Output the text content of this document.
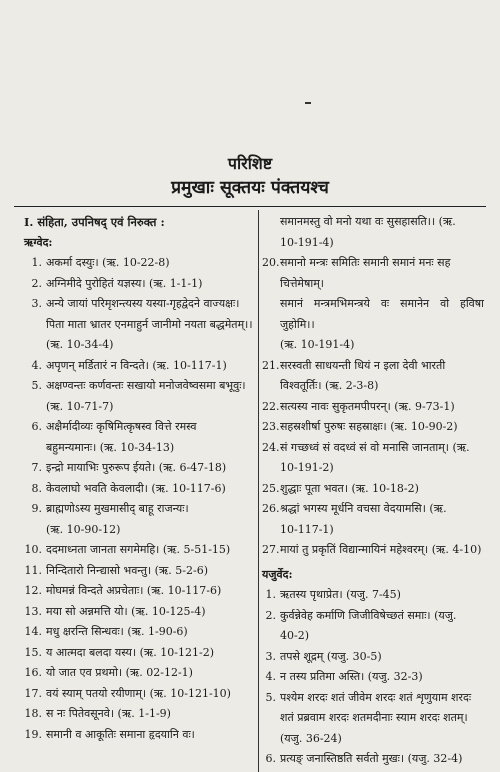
परिशिष्ट
प्रमुखाः सूक्तयः पंक्तयश्च
I. संहिता, उपनिषद् एवं निरुक्त :
ऋग्वेद:
1. अकर्मा दस्युः। (ऋ. 10-22-8)
2. अग्निमीदे पुरोहितं यज्ञस्य। (ऋ. 1-1-1)
3. अन्ये जायां परिमृशन्त्यस्य यस्या-गृहद्वेदने वाज्यक्षः।
पिता माता भ्रातर एनमाहुर्न जानीमो नयता बद्धमेतम्।।
(ऋ. 10-34-4)
4. अपृणन् मर्डितारं न विन्दते। (ऋ. 10-117-1)
5. अक्षण्वन्तः कर्णवन्तः सखायो मनोजवेष्वसमा बभूवुः।
(ऋ. 10-71-7)
6. अक्षैर्मादीव्यः कृषिमित्कृषस्व वित्ते रमस्व
बहुमन्यमानः। (ऋ. 10-34-13)
7. इन्द्रो मायाभिः पुरुरूप ईयते। (ऋ. 6-47-18)
8. केवलाघो भवति केवलादी। (ऋ. 10-117-6)
9. ब्राह्मणोऽस्य मुखमासीद् बाहू राजन्यः।
(ऋ. 10-90-12)
10. ददमाध्नता जानता सगमेमहि। (ऋ. 5-51-15)
11. निन्दितारो निन्द्यासो भवन्तु। (ऋ. 5-2-6)
12. मोघमन्नं विन्दते अप्रचेताः। (ऋ. 10-117-6)
13. मया सो अन्नमत्ति यो। (ऋ. 10-125-4)
14. मधु क्षरन्ति सिन्धवः। (ऋ. 1-90-6)
15. य आत्मदा बलदा यस्य। (ऋ. 10-121-2)
16. यो जात एव प्रथमो। (ऋ. 02-12-1)
17. वयं स्याम् पतयो रयीणाम्। (ऋ. 10-121-10)
18. स नः पितेवसूनवे। (ऋ. 1-1-9)
19. समानी व आकूतिः समाना हृदयानि वः।
समानमस्तु वो मनो यथा वः सुसहासति।। (ऋ.
10-191-4)
20. समानो मन्त्रः समितिः समानी समानं मनः सह
चित्तेमेषाम्।
समानं मन्त्रमभिमन्त्रये वः समानेन वो हविषा जुहोमि।।
(ऋ. 10-191-4)
21. सरस्वती साधयन्ती धियं न इला देवी भारती
विश्वतूर्तिः। (ऋ. 2-3-8)
22. सत्यस्य नावः सुकृतमपीपरन्। (ऋ. 9-73-1)
23. सहस्रशीर्षा पुरुषः सहस्राक्षः। (ऋ. 10-90-2)
24. सं गच्छध्वं सं वदध्वं सं वो मनासि जानताम्। (ऋ.
10-191-2)
25. शुद्धाः पूता भवत। (ऋ. 10-18-2)
26. श्रद्धां भगस्य मूर्धनि वचसा वेदयामसि। (ऋ.
10-117-1)
27. मायां तु प्रकृतिं विद्यान्मायिनं महेश्वरम्। (ऋ. 4-10)
यजुर्वेद:
1. ऋतस्य पृथाप्रेत। (यजु. 7-45)
2. कुर्वन्नेवेह कर्माणि जिजीविषेच्छतं समाः। (यजु.
40-2)
3. तपसे शूद्रम् (यजु. 30-5)
4. न तस्य प्रतिमा अस्ति। (यजु. 32-3)
5. पश्येम शरदः शतं जीवेम शरदः शतं शृणुयाम शरदः
शतं प्रब्रवाम शरदः शतमदीनाः स्याम शरदः शतम्।
(यजु. 36-24)
6. प्रत्यङ् जनास्तिष्ठति सर्वतो मुखः। (यजु. 32-4)
